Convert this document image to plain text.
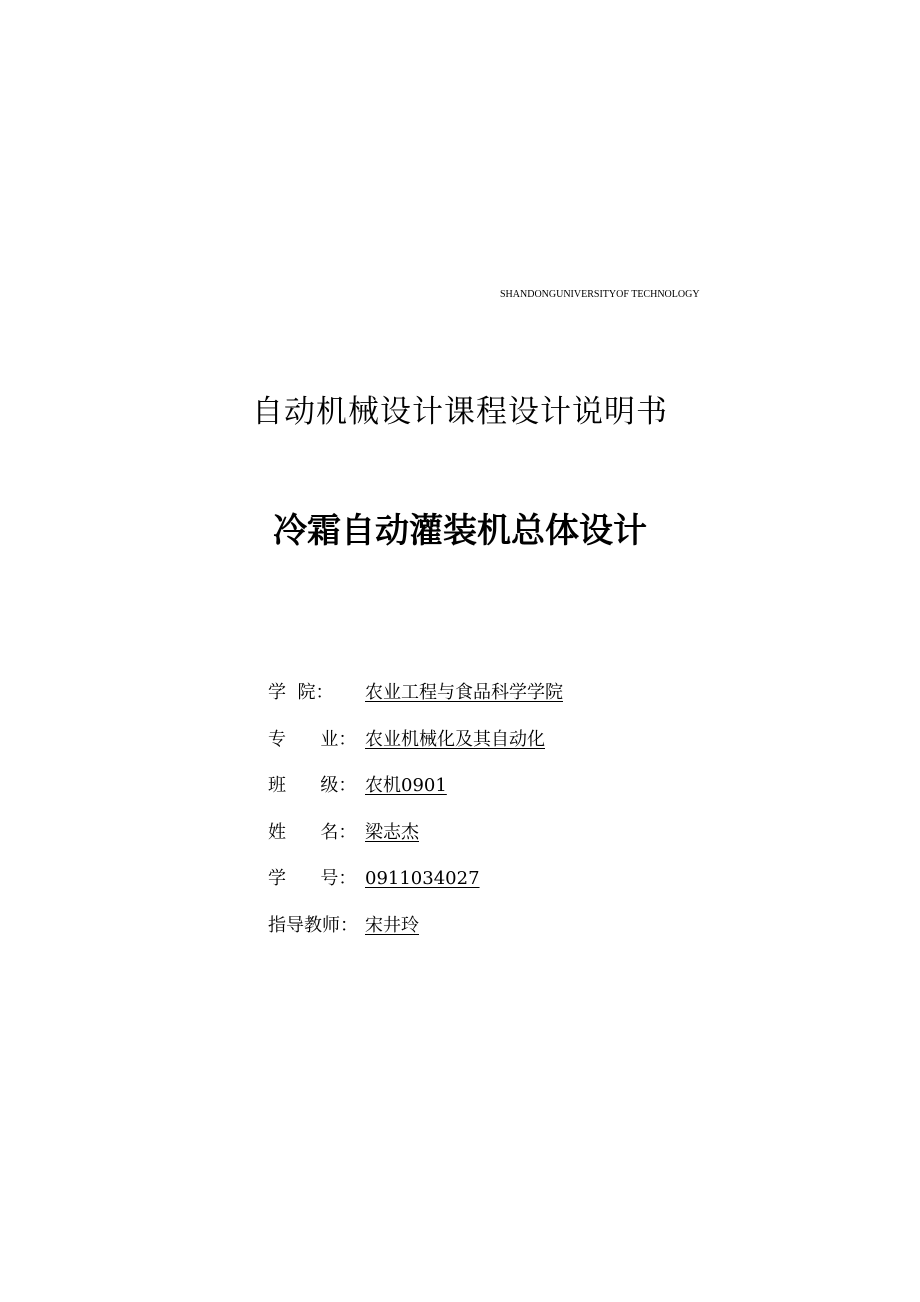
SHANDONGUNIVERSITYOF TECHNOLOGY
自动机械设计课程设计说明书
冷霜自动灌装机总体设计
学  院：	农业工程与食品科学学院
专      业： 农业机械化及其自动化
班      级： 农机0901
姓      名： 梁志杰
学      号： 0911034027
指导教师： 宋井玲
